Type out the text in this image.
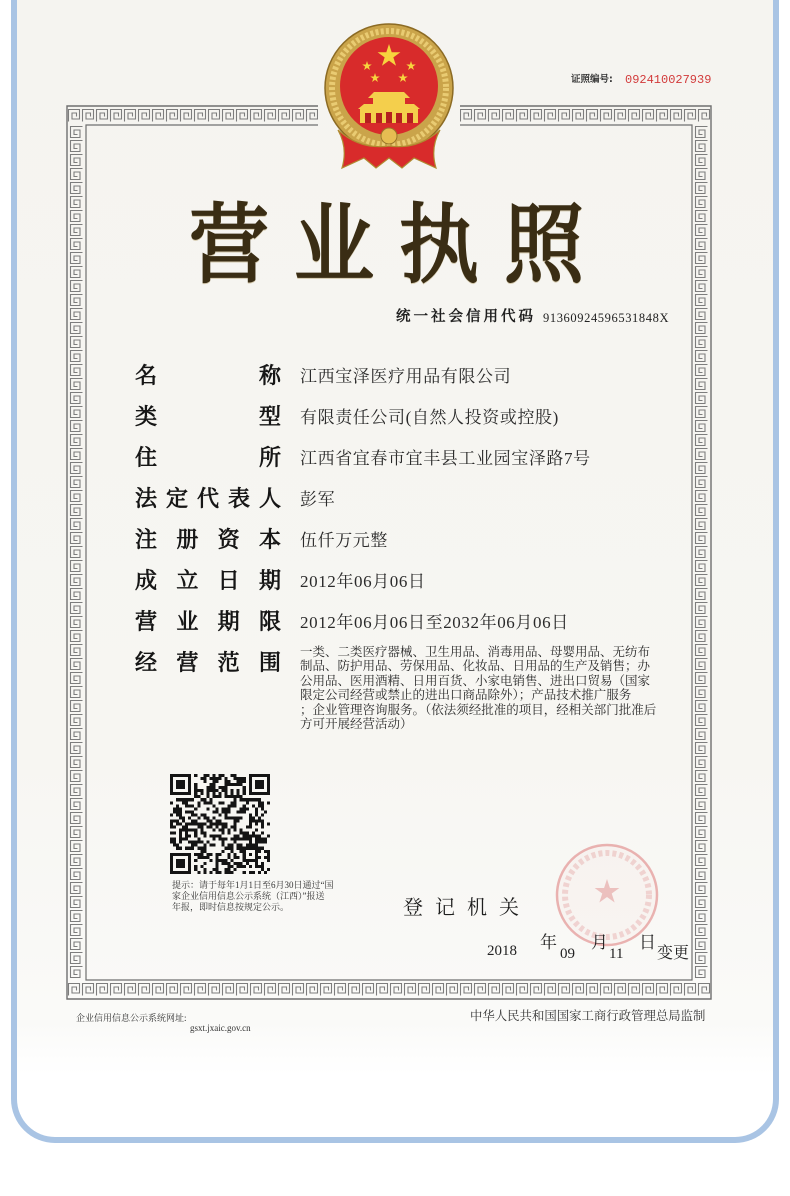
证照编号: 092410027939
营业执照
统一社会信用代码 91360924596531848X
名称 江西宝泽医疗用品有限公司
类型 有限责任公司(自然人投资或控股)
住所 江西省宜春市宜丰县工业园宝泽路7号
法定代表人 彭军
注册资本 伍仟万元整
成立日期 2012年06月06日
营业期限 2012年06月06日至2032年06月06日
经营范围 一类、二类医疗器械、卫生用品、消毒用品、母婴用品、无纺布
制品、防护用品、劳保用品、化妆品、日用品的生产及销售；办
公用品、医用酒精、日用百货、小家电销售、进出口贸易（国家
限定公司经营或禁止的进出口商品除外）；产品技术推广服务
；企业管理咨询服务。（依法须经批准的项目，经相关部门批准后
方可开展经营活动）
提示：请于每年1月1日至6月30日通过“国
家企业信用信息公示系统（江西）”报送
年报，即时信息按规定公示。	登记机关
2018 年
09
月
11
日
变更
企业信用信息公示系统网址:
gsxt.jxaic.gov.cn
中华人民共和国国家工商行政管理总局监制
